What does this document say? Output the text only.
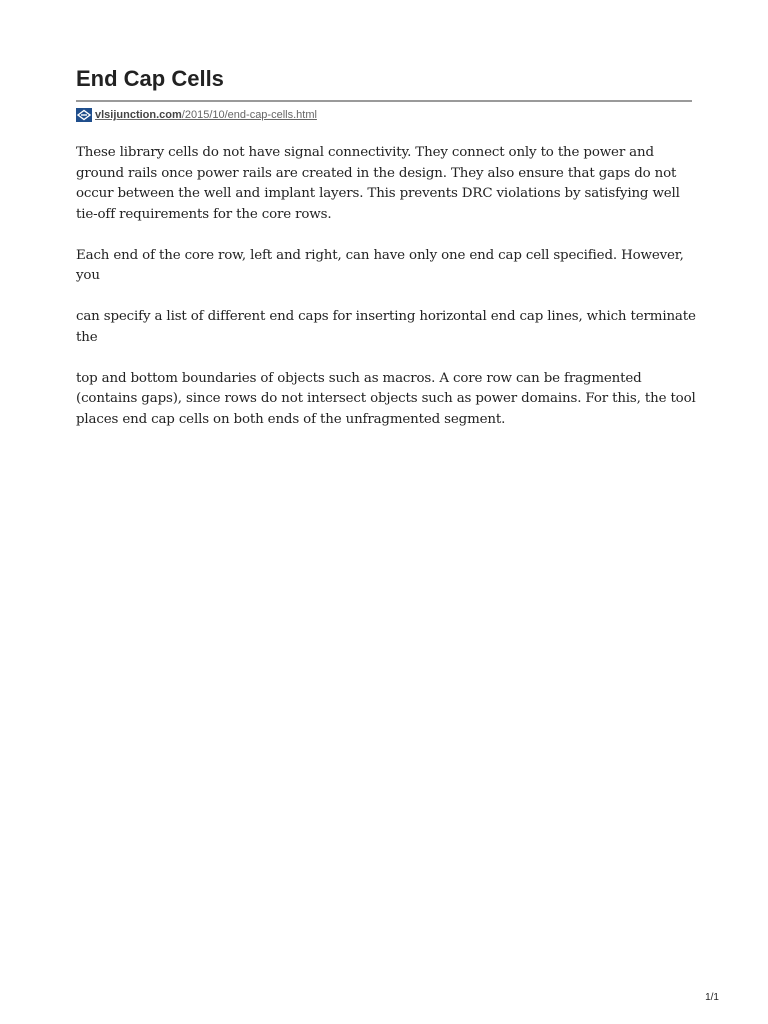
End Cap Cells
vlsijunction.com/2015/10/end-cap-cells.html

These library cells do not have signal connectivity. They connect only to the power and ground rails once power rails are created in the design. They also ensure that gaps do not occur between the well and implant layers. This prevents DRC violations by satisfying well tie-off requirements for the core rows.

Each end of the core row, left and right, can have only one end cap cell specified. However, you

can specify a list of different end caps for inserting horizontal end cap lines, which terminate the

top and bottom boundaries of objects such as macros. A core row can be fragmented (contains gaps), since rows do not intersect objects such as power domains. For this, the tool places end cap cells on both ends of the unfragmented segment.

1/1
